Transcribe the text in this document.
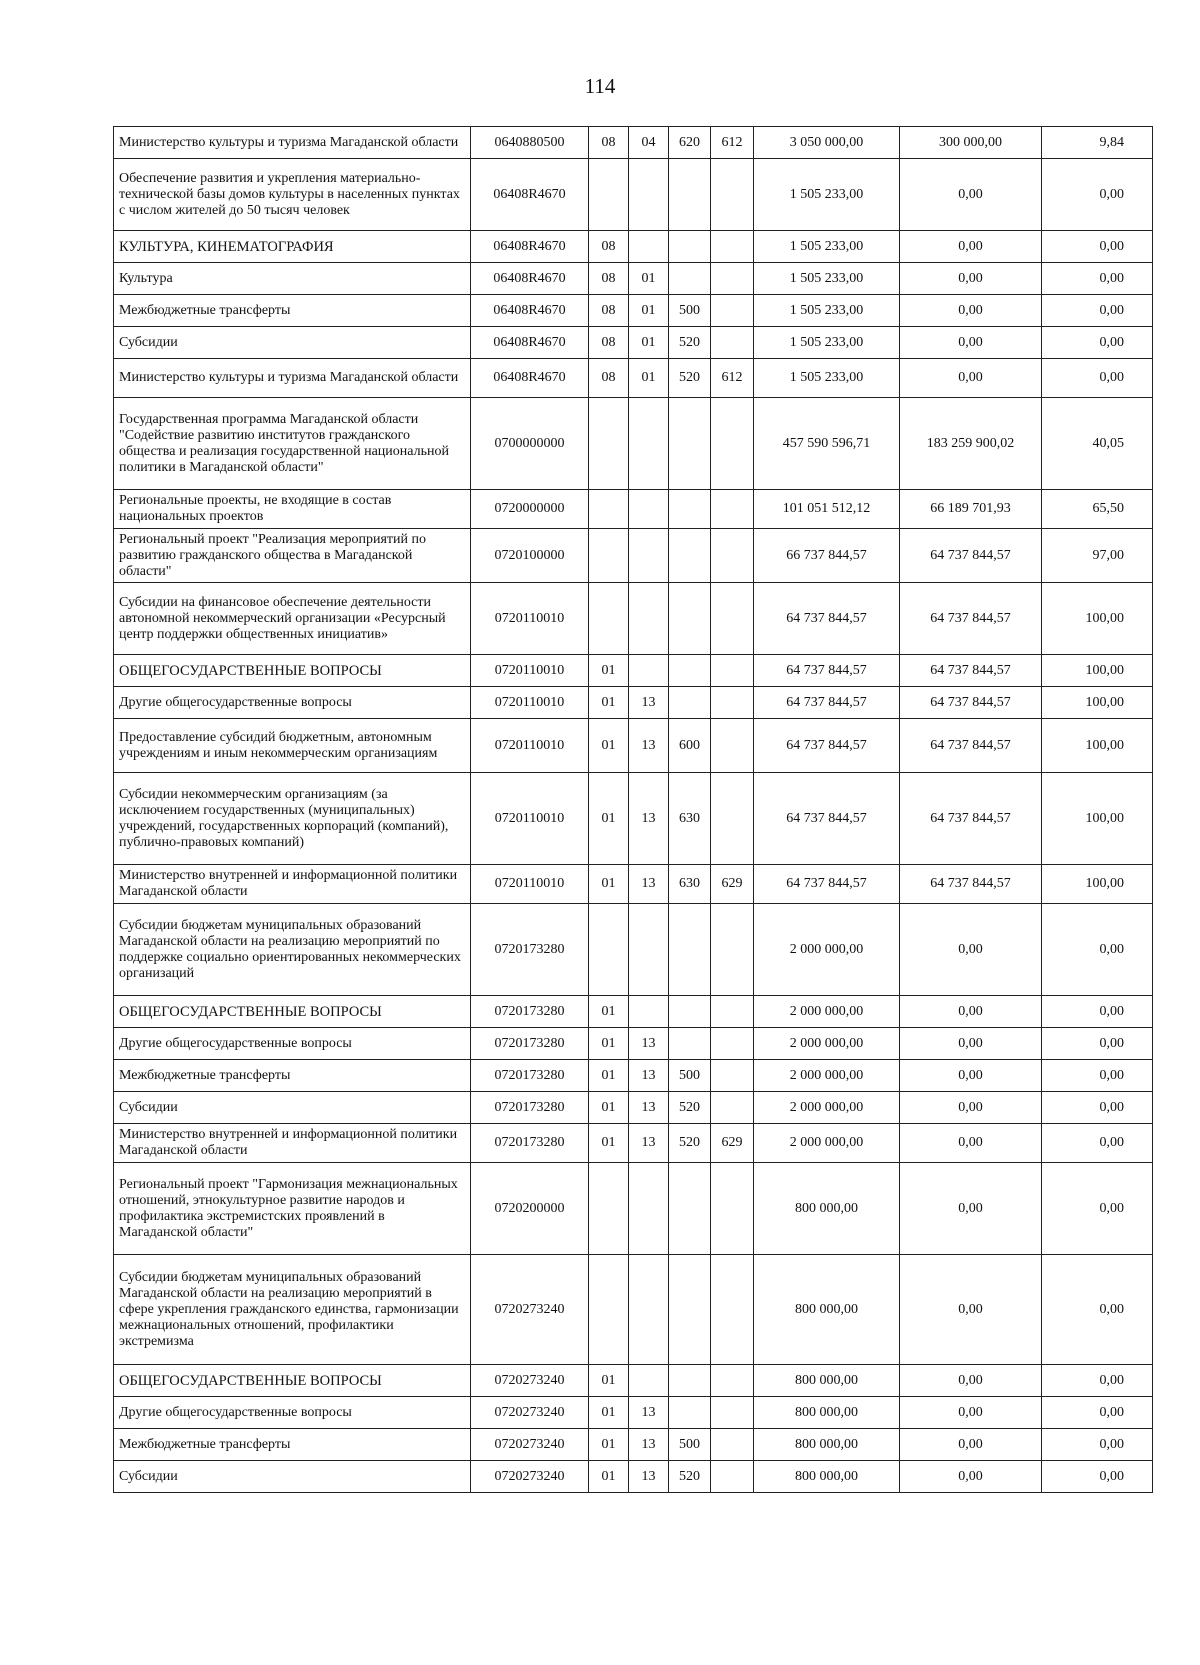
114
Министерство культуры и туризма Магаданской области	0640880500	08	04	620	612	3 050 000,00	300 000,00	9,84
Обеспечение развития и укрепления материально-технической базы домов культуры в населенных пунктах с числом жителей до 50 тысяч человек	06408R4670					1 505 233,00	0,00	0,00
КУЛЬТУРА, КИНЕМАТОГРАФИЯ	06408R4670	08				1 505 233,00	0,00	0,00
Культура	06408R4670	08	01			1 505 233,00	0,00	0,00
Межбюджетные трансферты	06408R4670	08	01	500		1 505 233,00	0,00	0,00
Субсидии	06408R4670	08	01	520		1 505 233,00	0,00	0,00
Министерство культуры и туризма Магаданской области	06408R4670	08	01	520	612	1 505 233,00	0,00	0,00
Государственная программа Магаданской области "Содействие развитию институтов гражданского общества и реализация государственной национальной политики в Магаданской области"	0700000000					457 590 596,71	183 259 900,02	40,05
Региональные проекты, не входящие в состав национальных проектов	0720000000					101 051 512,12	66 189 701,93	65,50
Региональный проект "Реализация мероприятий по развитию гражданского общества в Магаданской области"	0720100000					66 737 844,57	64 737 844,57	97,00
Субсидии на финансовое обеспечение деятельности автономной некоммерческий организации «Ресурсный центр поддержки общественных инициатив»	0720110010					64 737 844,57	64 737 844,57	100,00
ОБЩЕГОСУДАРСТВЕННЫЕ ВОПРОСЫ	0720110010	01				64 737 844,57	64 737 844,57	100,00
Другие общегосударственные вопросы	0720110010	01	13			64 737 844,57	64 737 844,57	100,00
Предоставление субсидий бюджетным, автономным учреждениям и иным некоммерческим организациям	0720110010	01	13	600		64 737 844,57	64 737 844,57	100,00
Субсидии некоммерческим организациям (за исключением государственных (муниципальных) учреждений, государственных корпораций (компаний), публично-правовых компаний)	0720110010	01	13	630		64 737 844,57	64 737 844,57	100,00
Министерство внутренней и информационной политики Магаданской области	0720110010	01	13	630	629	64 737 844,57	64 737 844,57	100,00
Субсидии бюджетам муниципальных образований Магаданской области на реализацию мероприятий по поддержке социально ориентированных некоммерческих организаций	0720173280					2 000 000,00	0,00	0,00
ОБЩЕГОСУДАРСТВЕННЫЕ ВОПРОСЫ	0720173280	01				2 000 000,00	0,00	0,00
Другие общегосударственные вопросы	0720173280	01	13			2 000 000,00	0,00	0,00
Межбюджетные трансферты	0720173280	01	13	500		2 000 000,00	0,00	0,00
Субсидии	0720173280	01	13	520		2 000 000,00	0,00	0,00
Министерство внутренней и информационной политики Магаданской области	0720173280	01	13	520	629	2 000 000,00	0,00	0,00
Региональный проект "Гармонизация межнациональных отношений, этнокультурное развитие народов и профилактика экстремистских проявлений в Магаданской области"	0720200000					800 000,00	0,00	0,00
Субсидии бюджетам муниципальных образований Магаданской области на реализацию мероприятий в сфере укрепления гражданского единства, гармонизации межнациональных отношений, профилактики экстремизма	0720273240					800 000,00	0,00	0,00
ОБЩЕГОСУДАРСТВЕННЫЕ ВОПРОСЫ	0720273240	01				800 000,00	0,00	0,00
Другие общегосударственные вопросы	0720273240	01	13			800 000,00	0,00	0,00
Межбюджетные трансферты	0720273240	01	13	500		800 000,00	0,00	0,00
Субсидии	0720273240	01	13	520		800 000,00	0,00	0,00
